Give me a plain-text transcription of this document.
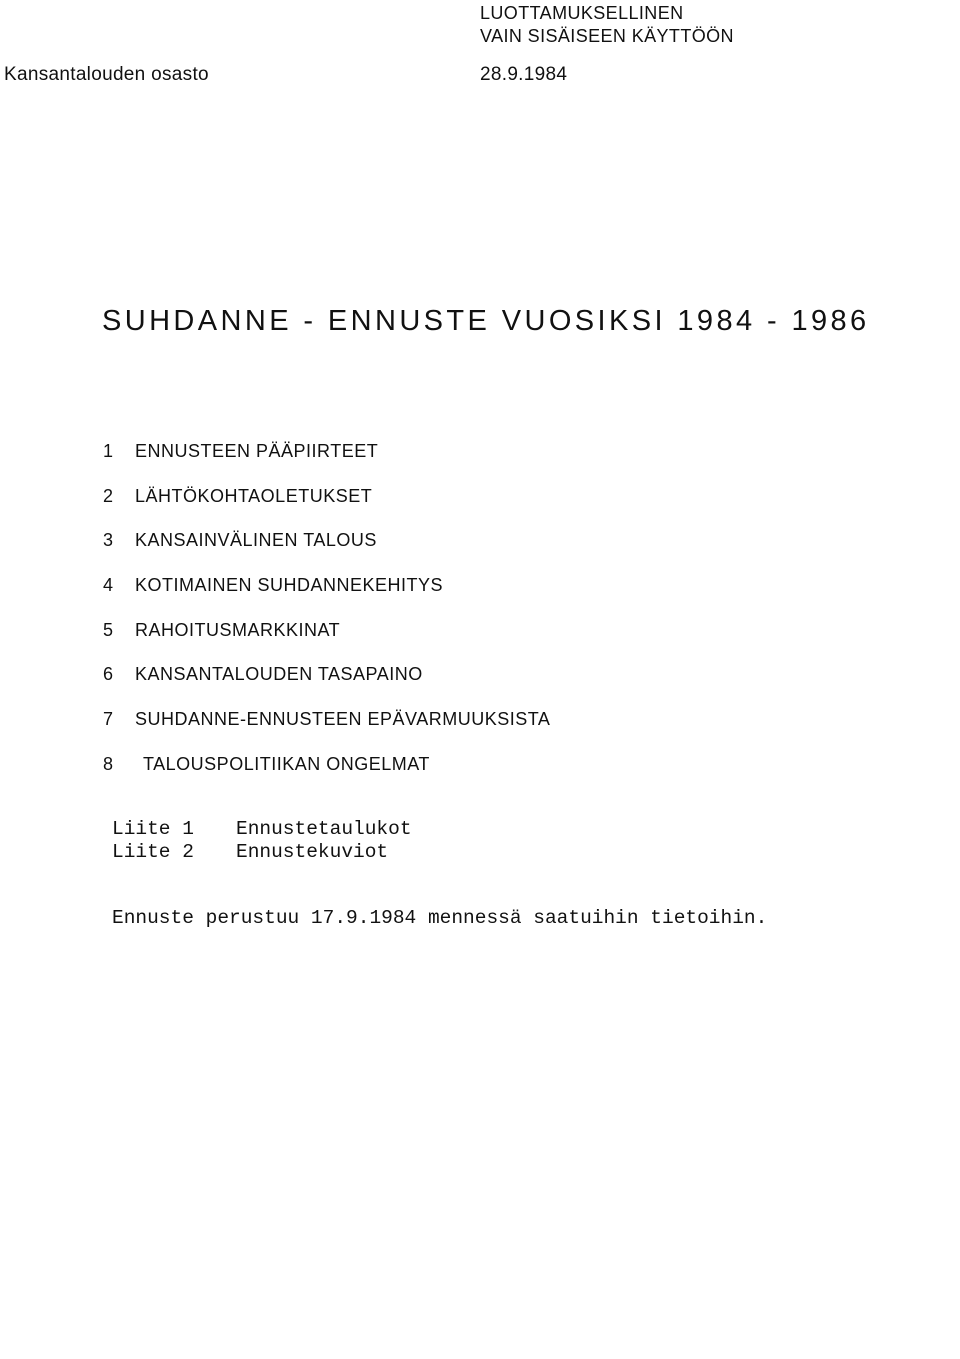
LUOTTAMUKSELLINEN
VAIN SISÄISEEN KÄYTTÖÖN
Kansantalouden osasto	28.9.1984
SUHDANNE - ENNUSTE VUOSIKSI 1984 - 1986
1	ENNUSTEEN PÄÄPIIRTEET
2	LÄHTÖKOHTAOLETUKSET
3	KANSAINVÄLINEN TALOUS
4	KOTIMAINEN SUHDANNEKEHITYS
5	RAHOITUSMARKKINAT
6	KANSANTALOUDEN TASAPAINO
7	SUHDANNE-ENNUSTEEN EPÄVARMUUKSISTA
8	TALOUSPOLITIIKAN ONGELMAT
Liite 1	Ennustetaulukot
Liite 2	Ennustekuviot
Ennuste perustuu 17.9.1984 mennessä saatuihin tietoihin.
